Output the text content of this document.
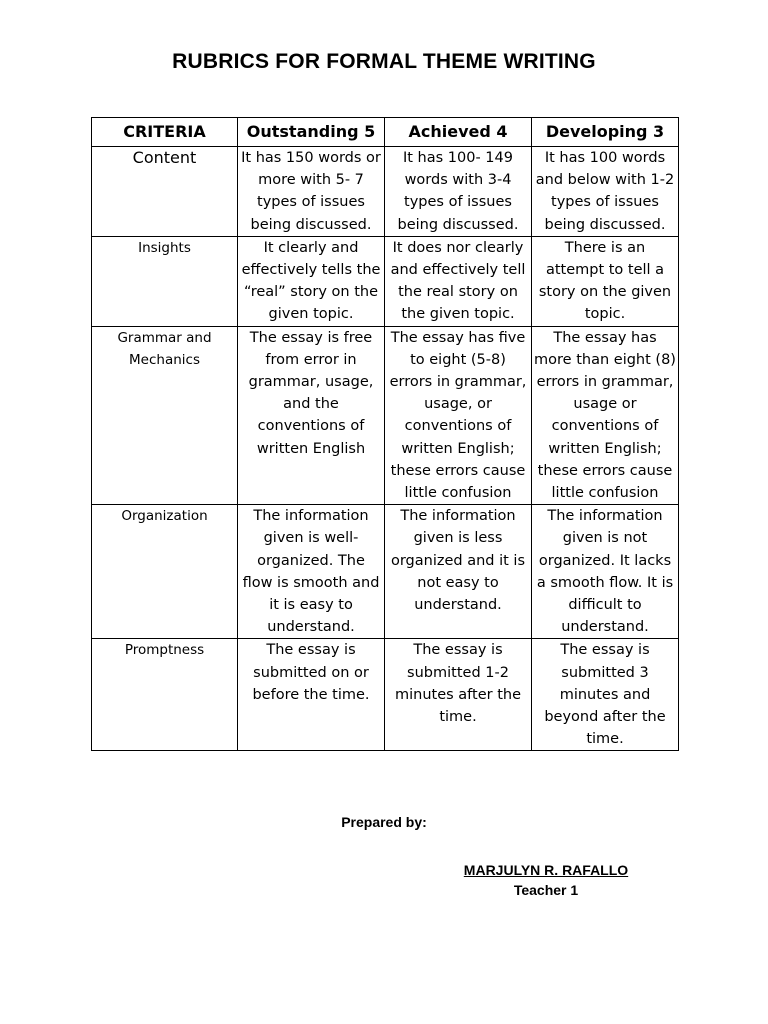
RUBRICS FOR FORMAL THEME WRITING
CRITERIA	Outstanding 5	Achieved 4	Developing 3
Content	It has 150 words or more with 5- 7 types of issues being discussed.	It has 100- 149 words with 3-4 types of issues being discussed.	It has 100 words and below with 1-2 types of issues being discussed.
Insights	It clearly and effectively tells the “real” story on the given topic.	It does nor clearly and effectively tell the real story on the given topic.	There is an attempt to tell a story on the given topic.
Grammar and Mechanics	The essay is free from error in grammar, usage, and the conventions of written English	The essay has five to eight (5-8) errors in grammar, usage, or conventions of written English; these errors cause little confusion	The essay has more than eight (8) errors in grammar, usage or conventions of written English; these errors cause little confusion
Organization	The information given is well-organized. The flow is smooth and it is easy to understand.	The information given is less organized and it is not easy to understand.	The information given is not organized. It lacks a smooth flow. It is difficult to understand.
Promptness	The essay is submitted on or before the time.	The essay is submitted 1-2 minutes after the time.	The essay is submitted 3 minutes and beyond after the time.
Prepared by:
MARJULYN R. RAFALLO
Teacher 1
